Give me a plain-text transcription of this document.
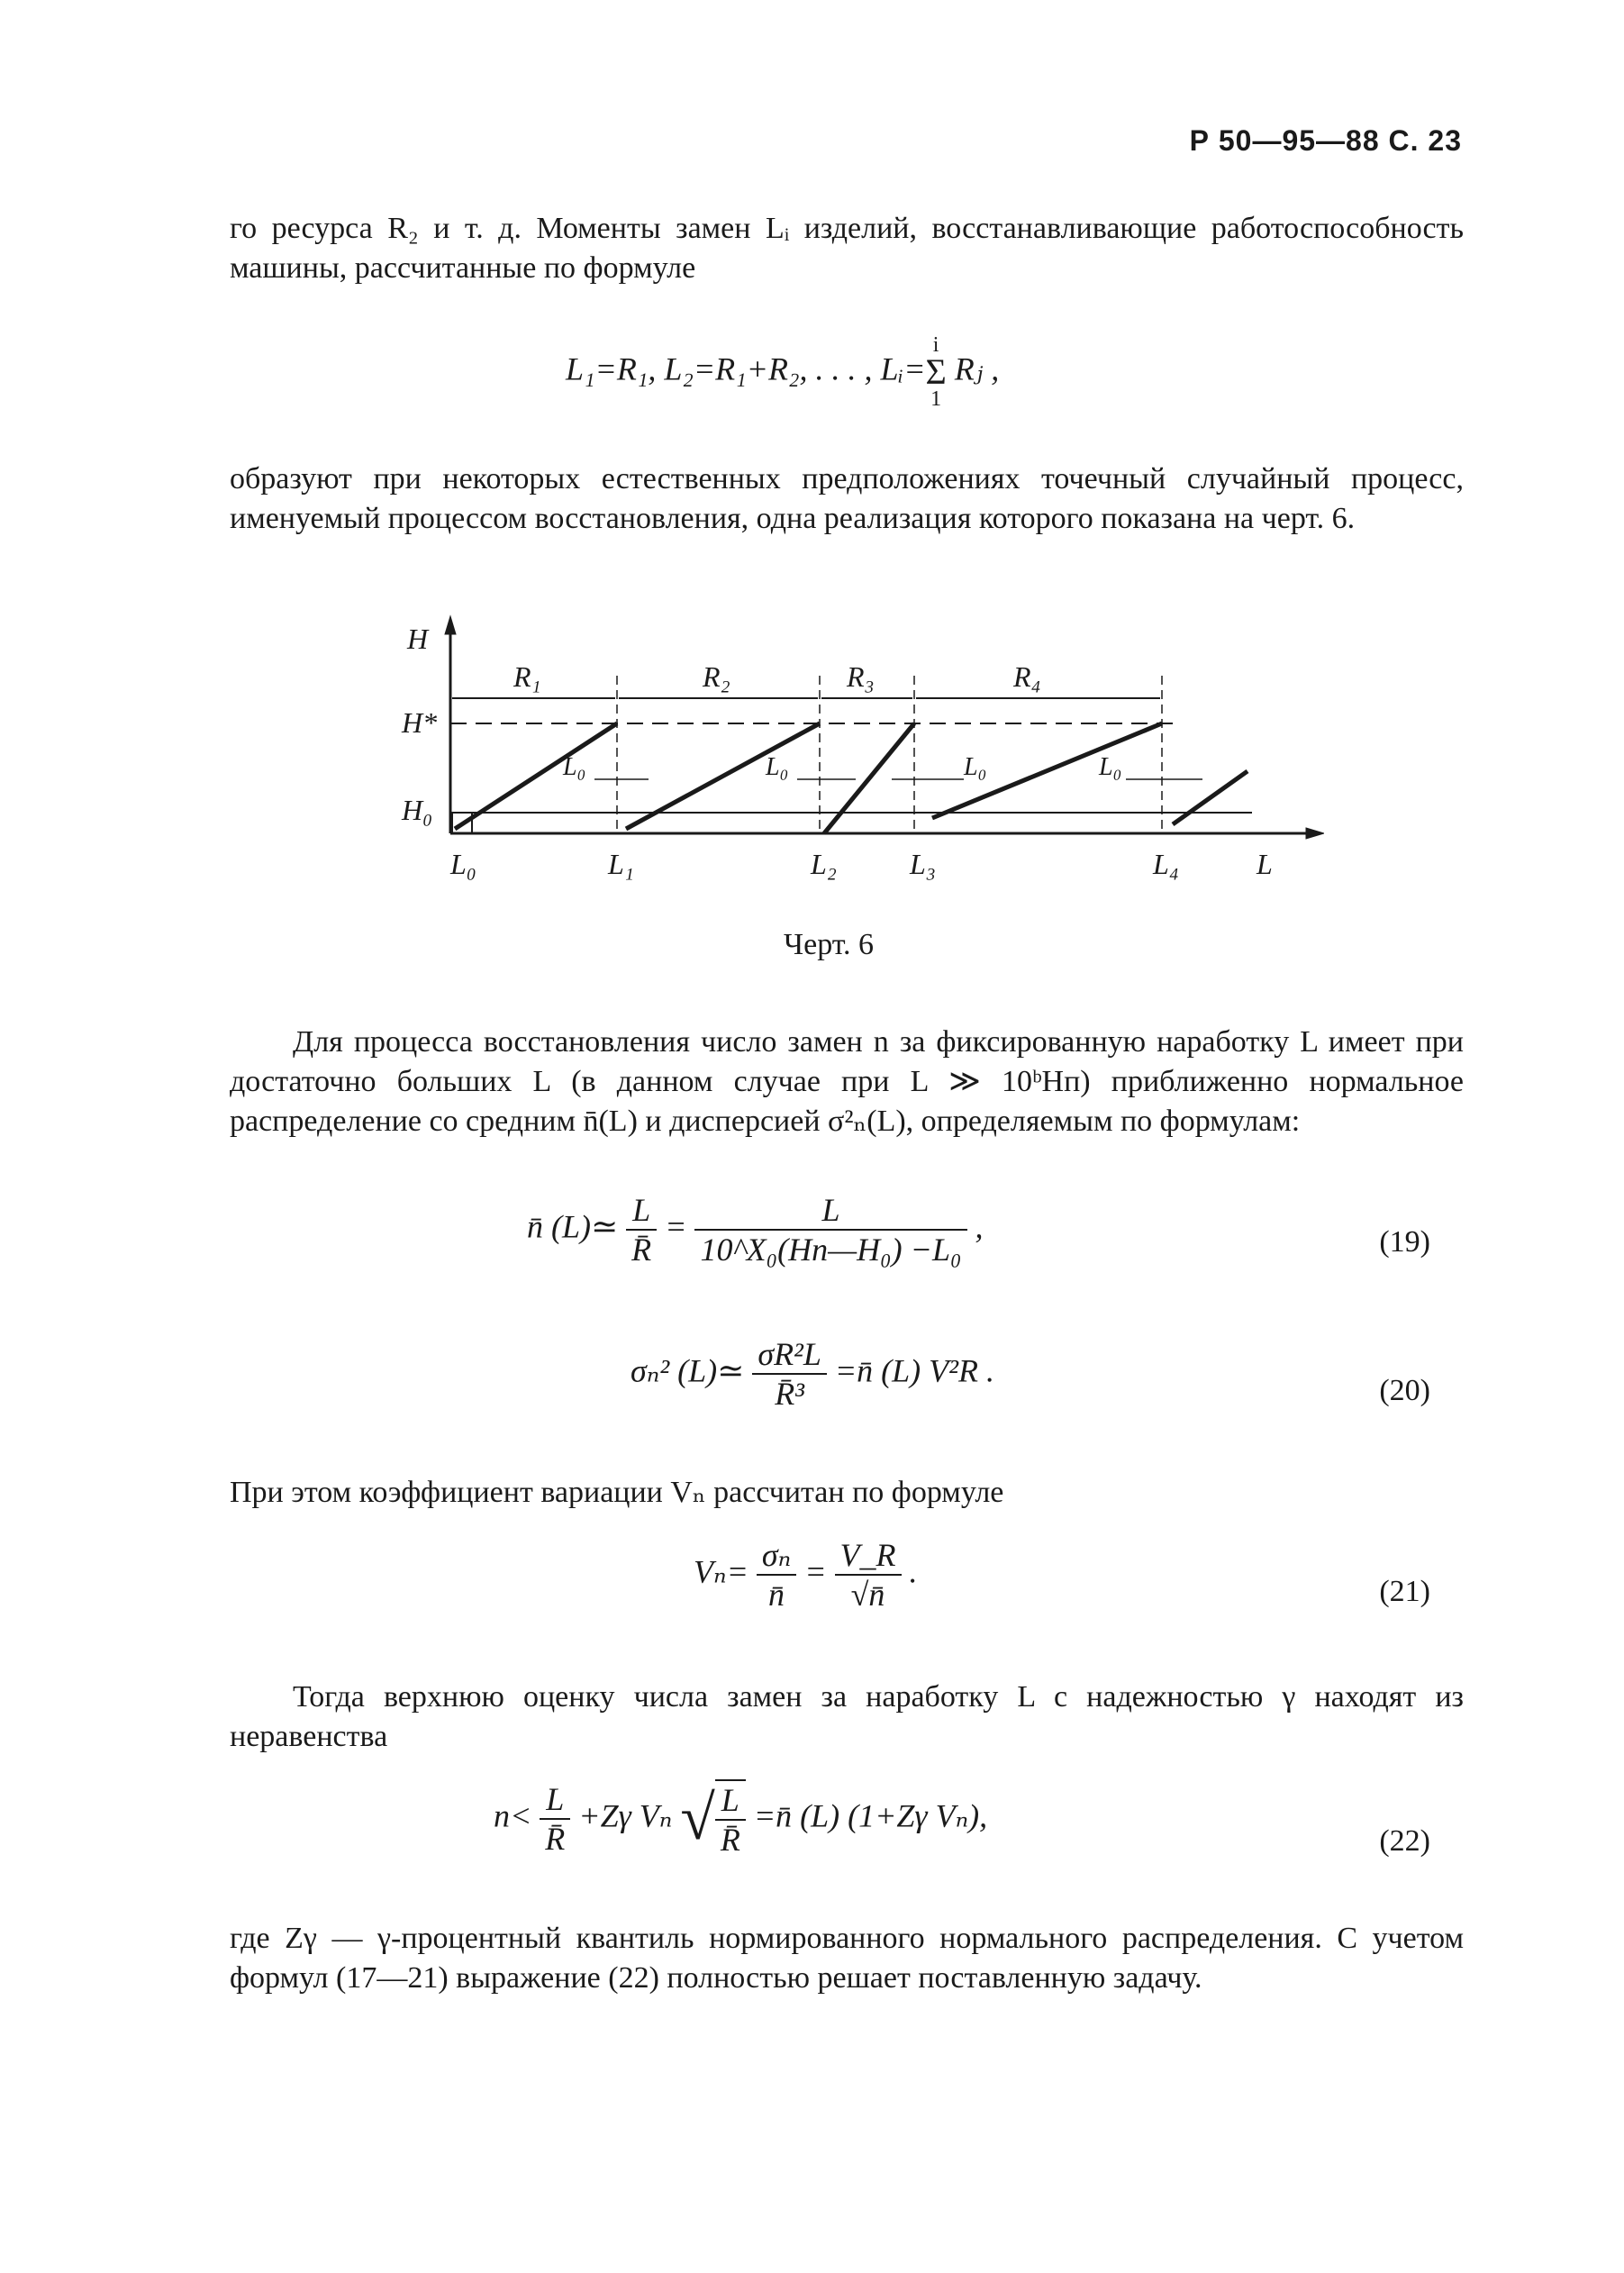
Р 50—95—88 С. 23
го ресурса R₂ и т. д. Моменты замен Lᵢ изделий, восстанавливающие работоспособность машины, рассчитанные по формуле
L₁=R₁, L₂=R₁+R₂, . . . , Lᵢ=
i
Σ
1
Rⱼ ,
образуют при некоторых естественных предположениях точечный случайный процесс, именуемый процессом восстановления, одна реализация которого показана на черт. 6.
H
H*
H₀
R₁	R₂	R₃	R₄
L₀	L₀	L₀	L₀
L₀	L₁	L₂	L₃	L₄	L
Черт. 6
Для процесса восстановления число замен n за фиксированную наработку L имеет при достаточно больших L (в данном случае при L ≫ 10ᵇHп) приближенно нормальное распределение со средним n̄(L) и дисперсией σ²ₙ(L), определяемым по формулам:
n̄ (L)≃ $\frac{L}{R̄} = \frac{L}{\text{10\textasciicircum{}X₀(Hп—H₀) −L₀}}$ ,	(19)
σₙ² (L)≃ $\frac{\text{σR²L}}{\text{R̄³}}$ =n̄ (L) V²R .
(20)
При этом коэффициент вариации Vₙ рассчитан по формуле
$V_n= \frac{\text{σₙ}}{n̄} = \frac{V\_R}{√n̄}$ .
(21)
Тогда верхнюю оценку числа замен за наработку L с надежностью γ находят из неравенства
$n< \frac{L}{R̄} +Z\gamma$ Vₙ √ $\frac{L}{R̄}$ =n̄ (L) (1+Zγ Vₙ),
(22)
где Zγ — γ-процентный квантиль нормированного нормального распределения. С учетом формул (17—21) выражение (22) полностью решает поставленную задачу.
